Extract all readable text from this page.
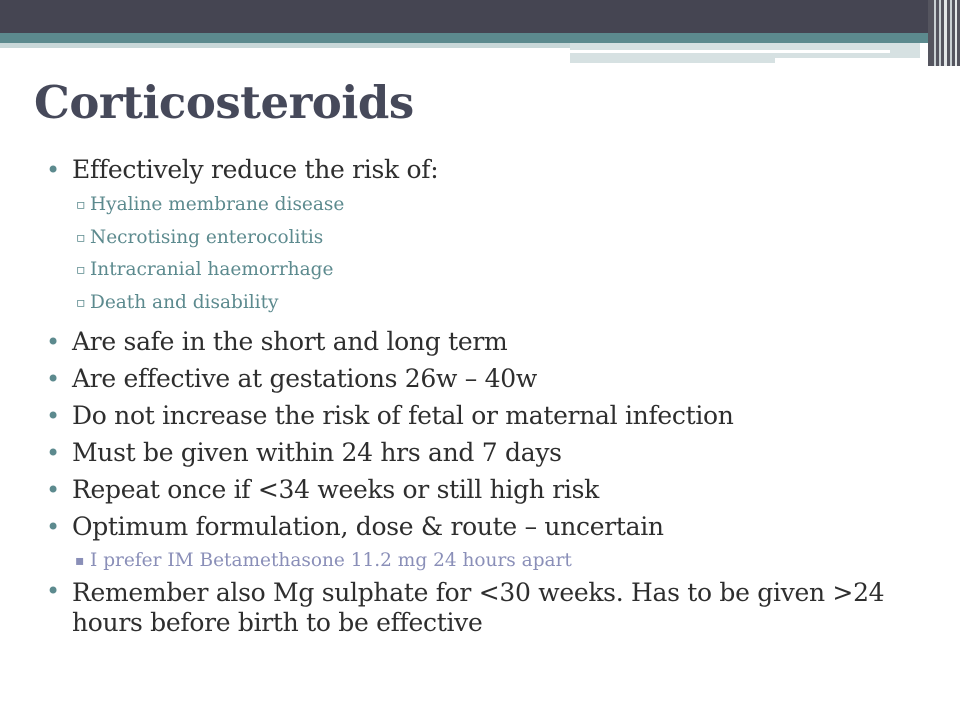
Corticosteroids
• Effectively reduce the risk of:
▫ Hyaline membrane disease
▫ Necrotising enterocolitis
▫ Intracranial haemorrhage
▫ Death and disability
• Are safe in the short and long term
• Are effective at gestations 26w – 40w
• Do not increase the risk of fetal or maternal infection
• Must be given within 24 hrs and 7 days
• Repeat once if <34 weeks or still high risk
• Optimum formulation, dose & route – uncertain
▪ I prefer IM Betamethasone 11.2 mg 24 hours apart
• Remember also Mg sulphate for <30 weeks. Has to be given >24 hours before birth to be effective
